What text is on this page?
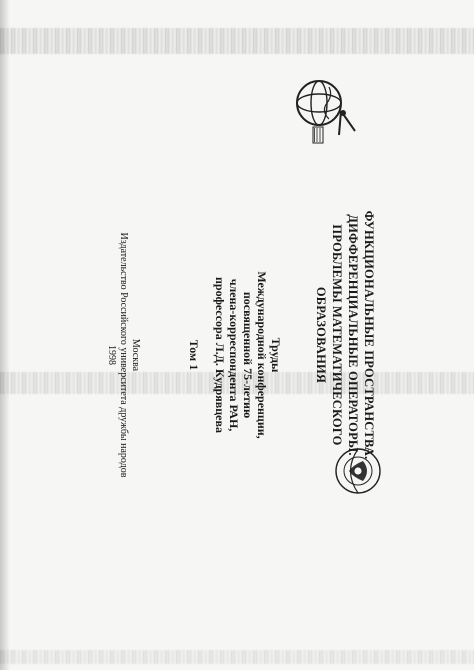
ФУНКЦИОНАЛЬНЫЕ ПРОСТРАНСТВА.
ДИФФЕРЕНЦИАЛЬНЫЕ ОПЕРАТОРЫ.
ПРОБЛЕМЫ МАТЕМАТИЧЕСКОГО
ОБРАЗОВАНИЯ
Труды
Международной конференции,
посвященной 75-летию
члена-корреспондента РАН,
профессора Л.Д. Кудрявцева
Том 1
Москва
Издательство Российского университета дружбы народов
1998
